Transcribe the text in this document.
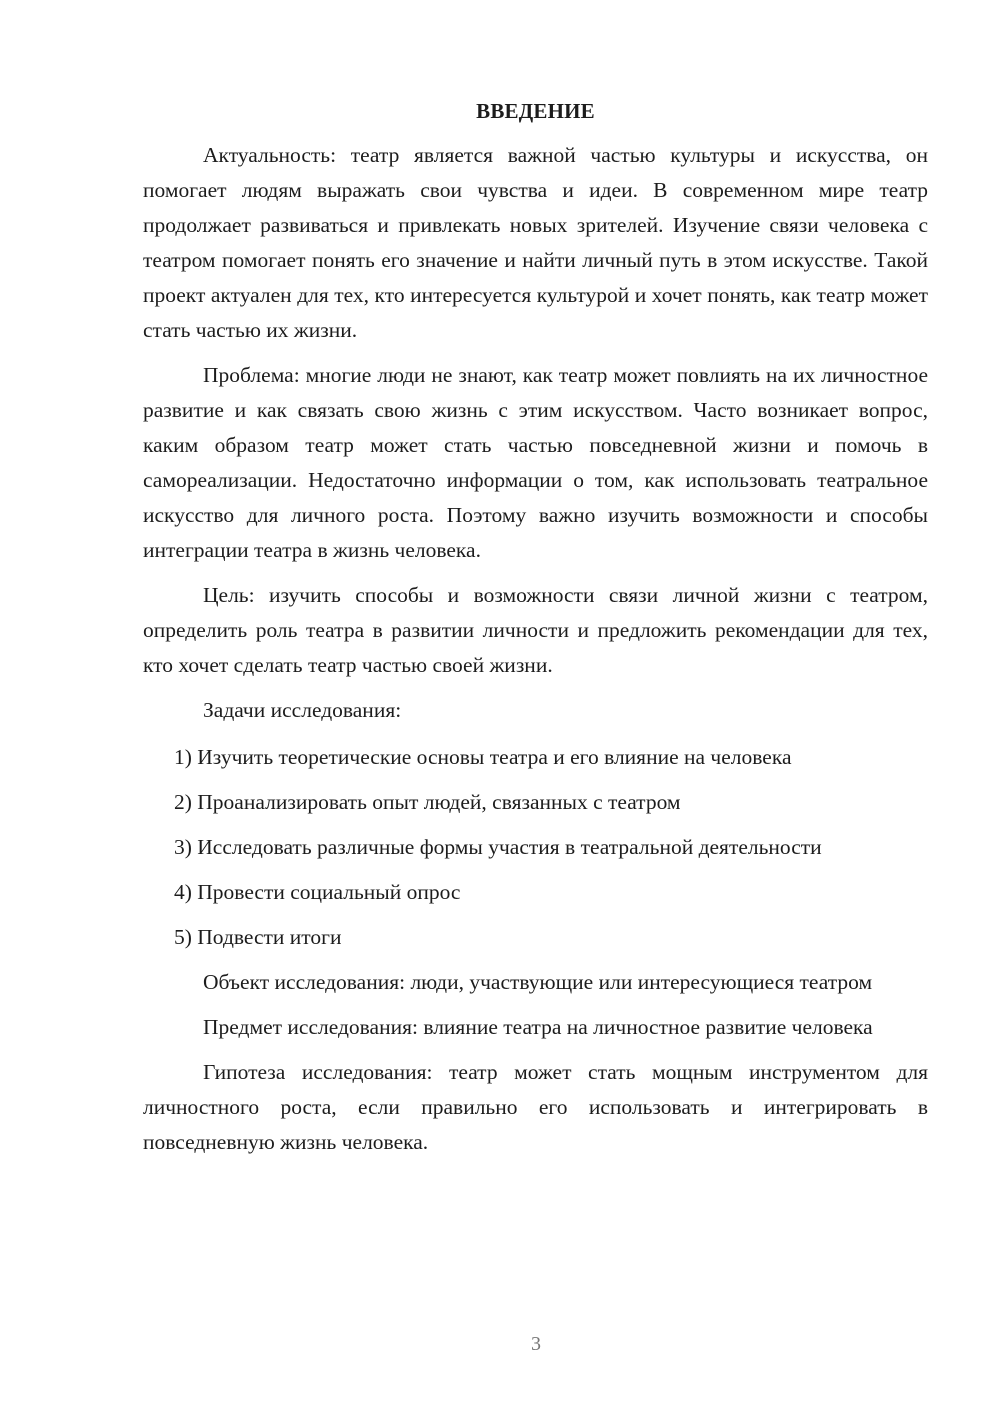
ВВЕДЕНИЕ

Актуальность: театр является важной частью культуры и искусства, он помогает людям выражать свои чувства и идеи. В современном мире театр продолжает развиваться и привлекать новых зрителей. Изучение связи человека с театром помогает понять его значение и найти личный путь в этом искусстве. Такой проект актуален для тех, кто интересуется культурой и хочет понять, как театр может стать частью их жизни.

Проблема: многие люди не знают, как театр может повлиять на их личностное развитие и как связать свою жизнь с этим искусством. Часто возникает вопрос, каким образом театр может стать частью повседневной жизни и помочь в самореализации. Недостаточно информации о том, как использовать театральное искусство для личного роста. Поэтому важно изучить возможности и способы интеграции театра в жизнь человека.

Цель: изучить способы и возможности связи личной жизни с театром, определить роль театра в развитии личности и предложить рекомендации для тех, кто хочет сделать театр частью своей жизни.

Задачи исследования:

1) Изучить теоретические основы театра и его влияние на человека
2) Проанализировать опыт людей, связанных с театром
3) Исследовать различные формы участия в театральной деятельности
4) Провести социальный опрос
5) Подвести итоги

Объект исследования: люди, участвующие или интересующиеся театром

Предмет исследования: влияние театра на личностное развитие человека

Гипотеза исследования: театр может стать мощным инструментом для личностного роста, если правильно его использовать и интегрировать в повседневную жизнь человека.

3
